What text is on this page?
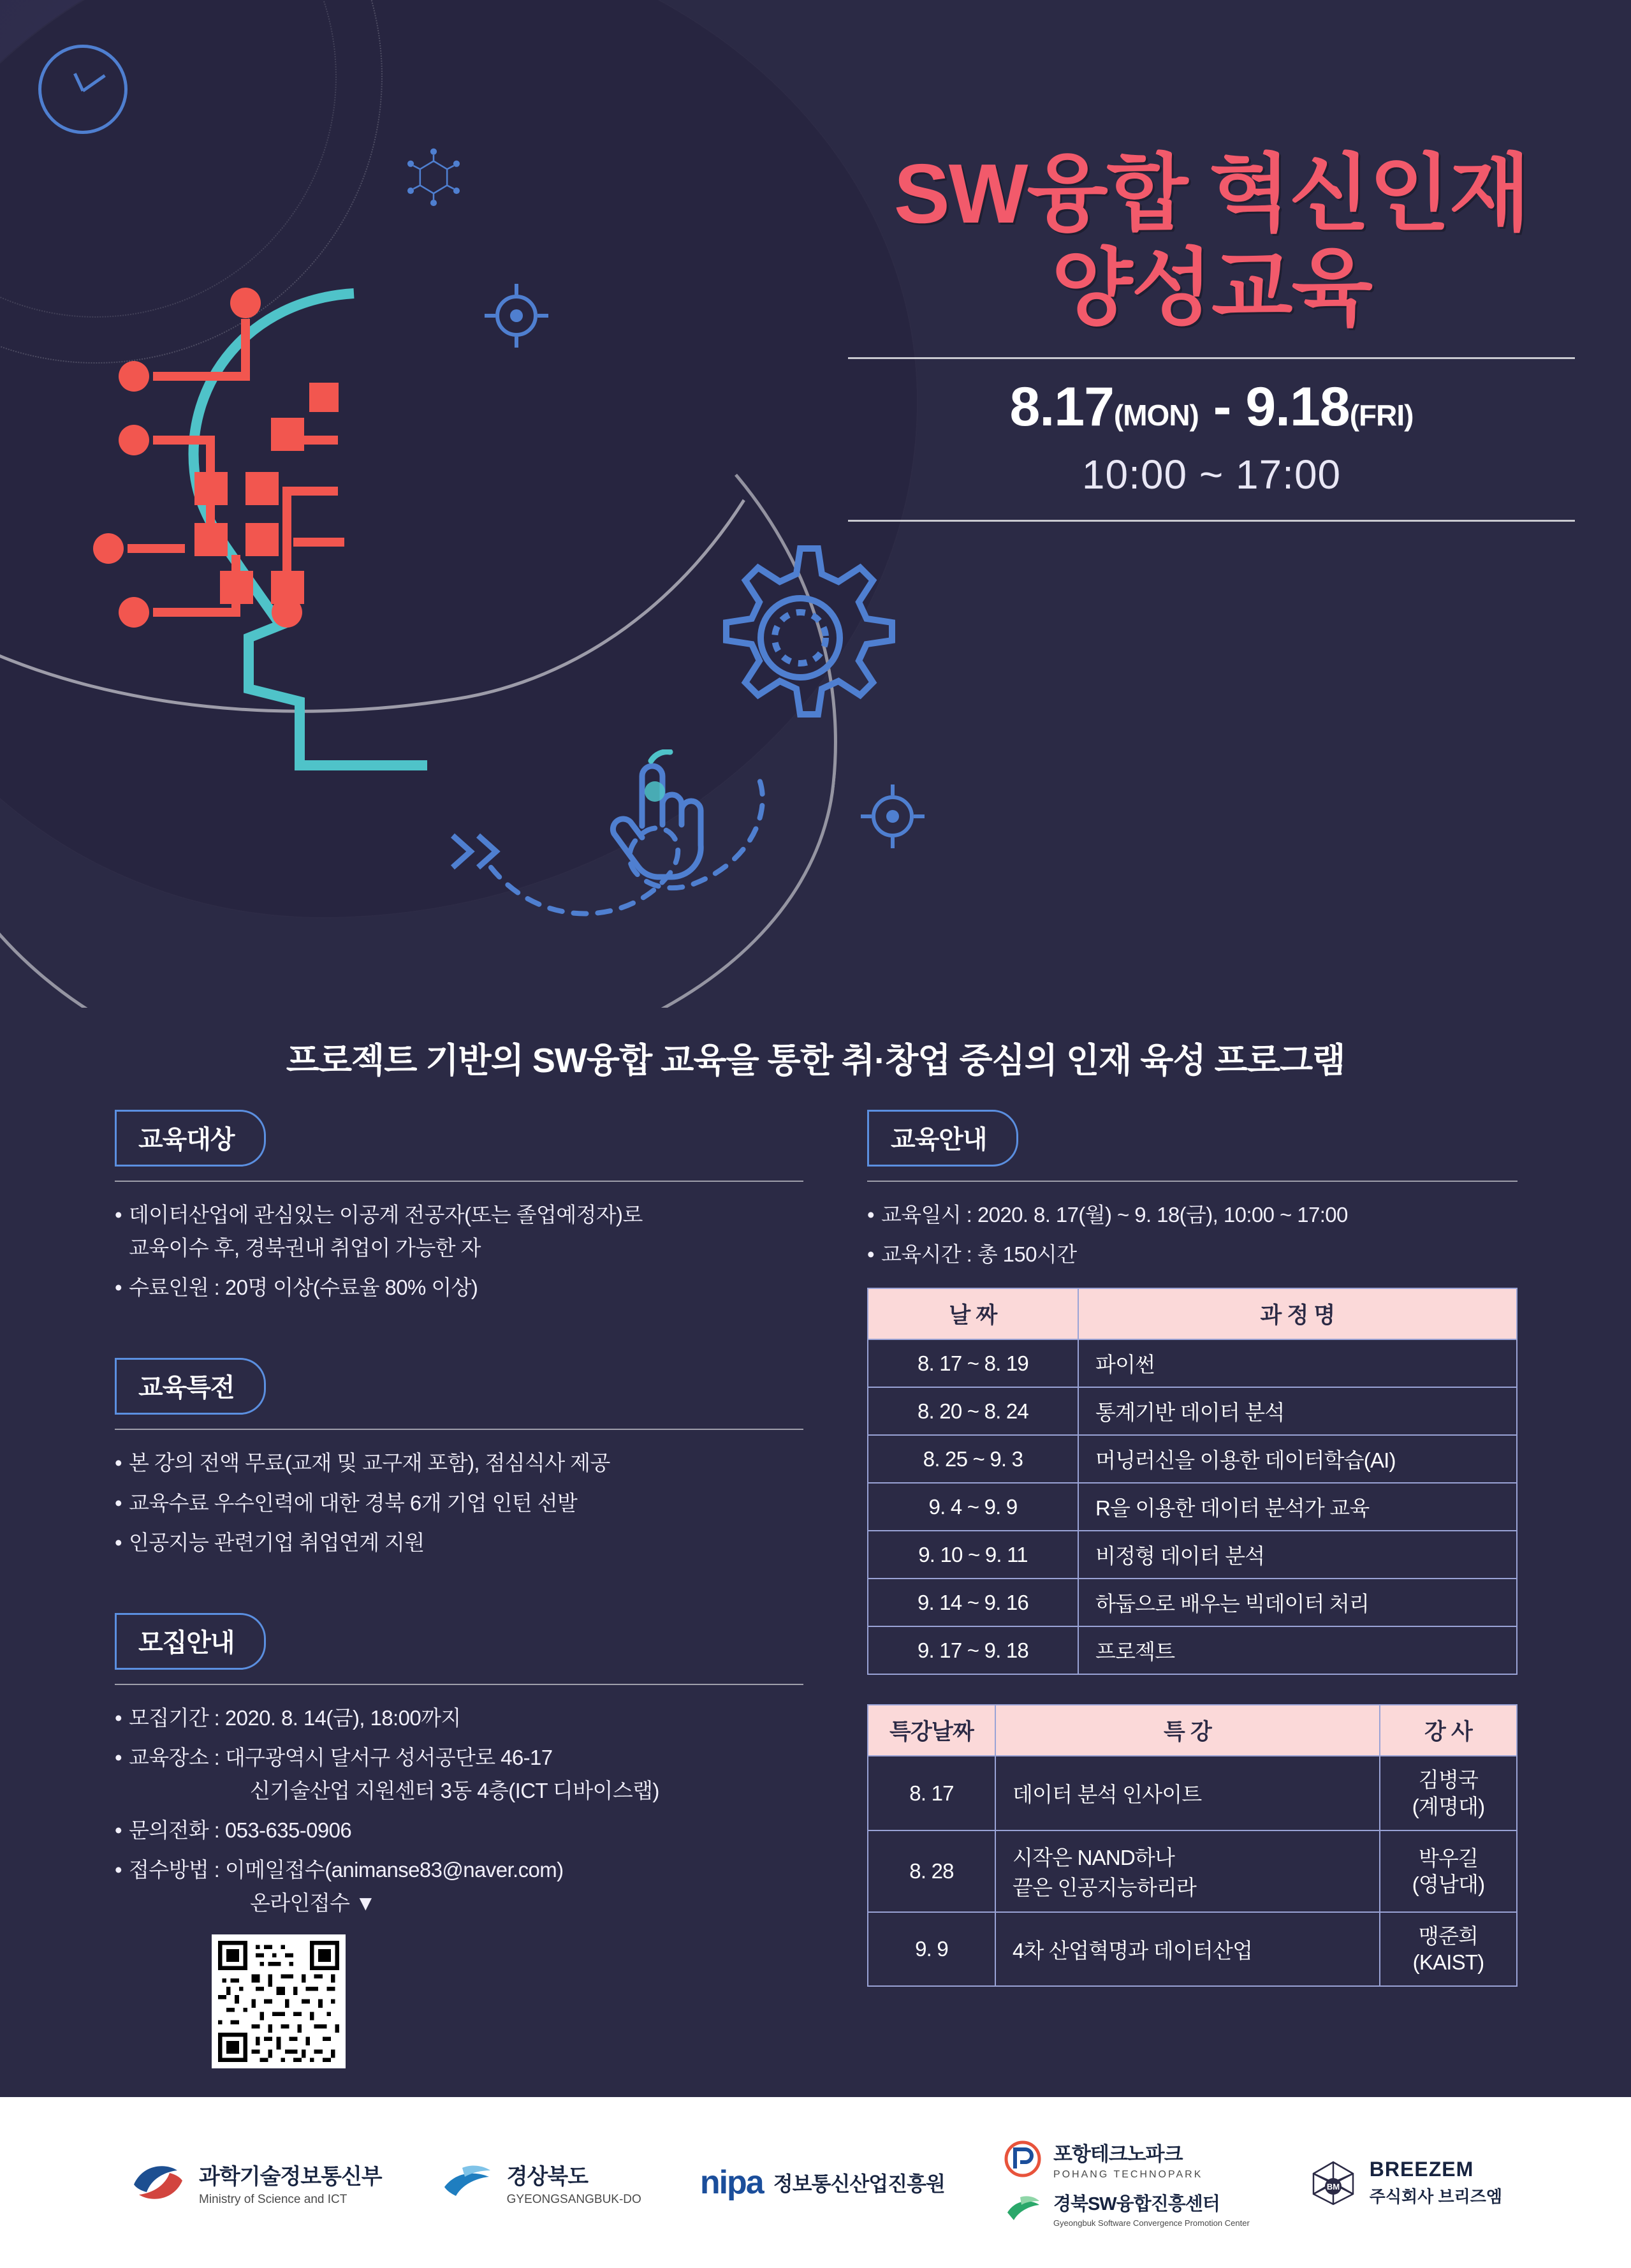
SW융합 혁신인재
양성교육
8.17(MON) - 9.18(FRI)
10:00 ~ 17:00
프로젝트 기반의 SW융합 교육을 통한 취·창업 중심의 인재 육성 프로그램
교육대상
• 데이터산업에 관심있는 이공계 전공자(또는 졸업예정자)로
교육이수 후, 경북권내 취업이 가능한 자
• 수료인원 : 20명 이상(수료율 80% 이상)
교육특전
• 본 강의 전액 무료(교재 및 교구재 포함), 점심식사 제공
• 교육수료 우수인력에 대한 경북 6개 기업 인턴 선발
• 인공지능 관련기업 취업연계 지원
모집안내
• 모집기간 : 2020. 8. 14(금), 18:00까지
• 교육장소 : 대구광역시 달서구 성서공단로 46-17

신기술산업 지원센터 3동 4층(ICT 디바이스랩)
• 문의전화 : 053-635-0906
• 접수방법 : 이메일접수(animanse83@naver.com)

온라인접수 ▼
교육안내
• 교육일시 : 2020. 8. 17(월) ~ 9. 18(금), 10:00 ~ 17:00
• 교육시간 : 총 150시간
날 짜	과 정 명
8. 17 ~ 8. 19	파이썬
8. 20 ~ 8. 24	통계기반 데이터 분석
8. 25 ~ 9. 3	머닝러신을 이용한 데이터학습(AI)
9. 4 ~ 9. 9	R을 이용한 데이터 분석가 교육
9. 10 ~ 9. 11	비정형 데이터 분석
9. 14 ~ 9. 16	하둡으로 배우는 빅데이터 처리
9. 17 ~ 9. 18	프로젝트
특강날짜	특 강	강 사
8. 17	데이터 분석 인사이트	김병국
(계명대)
8. 28	시작은 NAND하나
끝은 인공지능하리라	박우길
(영남대)
9. 9	4차 산업혁명과 데이터산업	맹준희
(KAIST)
과학기술정보통신부
Ministry of Science and ICT
경상북도
GYEONGSANGBUK-DO nipa 정보통신산업진흥원
포항테크노파크
POHANG TECHNOPARK
경북SW융합진흥센터
Gyeongbuk Software Convergence Promotion Center
BM
BREEZEM
주식회사 브리즈엠
